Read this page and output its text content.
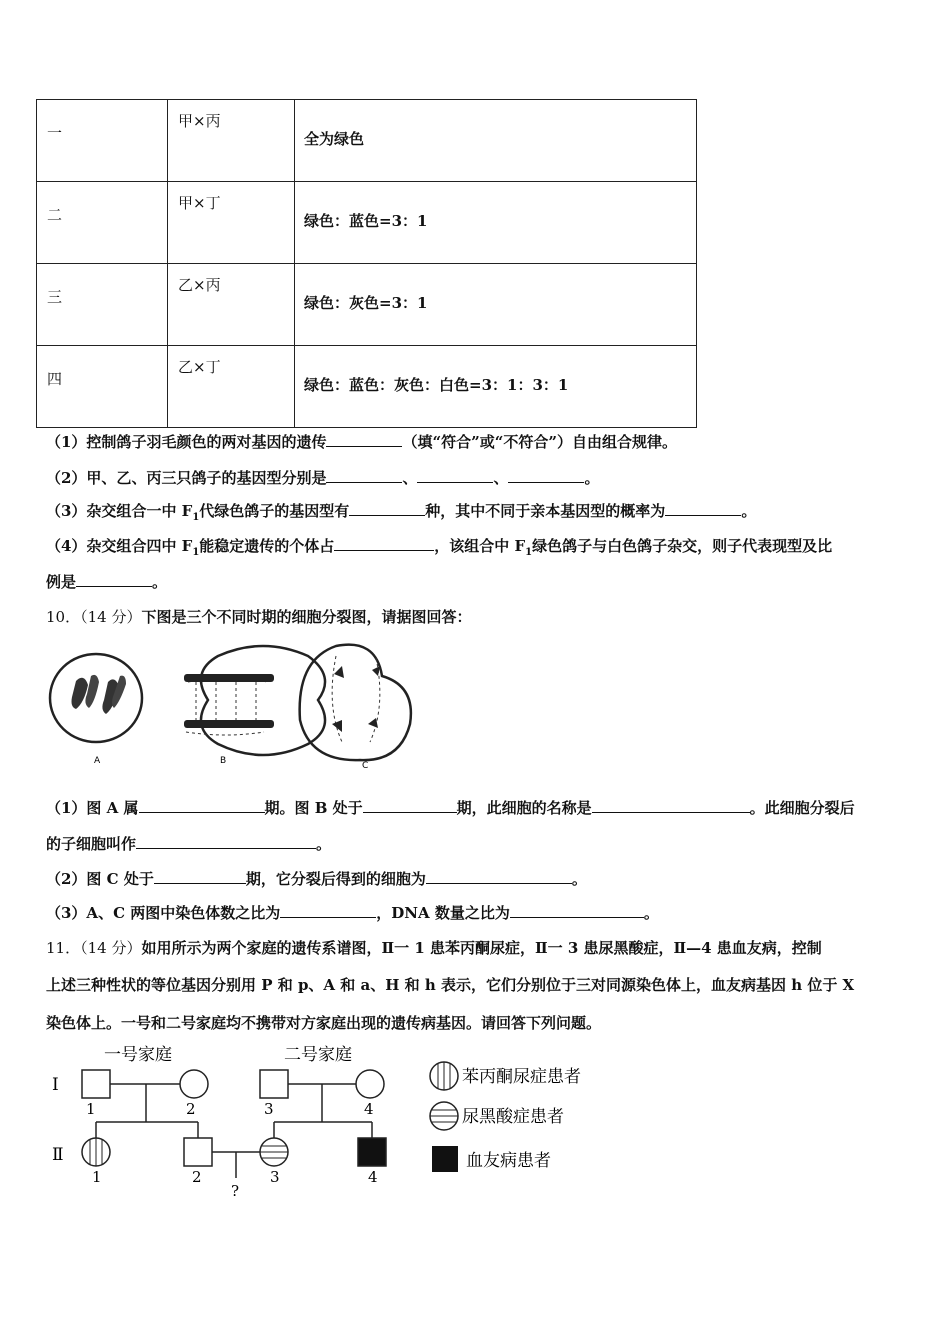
一	甲×丙	全为绿色

二	甲×丁	绿色：蓝色=3：1

三	乙×丙	绿色：灰色=3：1

四	乙×丁	绿色：蓝色：灰色：白色=3：1：3：1
（1）控制鸽子羽毛颜色的两对基因的遗传	（填“符合”或“不符合”）自由组合规律。
（2）甲、乙、丙三只鸽子的基因型分别是	、	、	。
（3）杂交组合一中 $F_1$代绿色鸽子的基因型有	种，其中不同于亲本基因型的概率为	。
（4）杂交组合四中 $F_1$能稳定遗传的个体占	，该组合中 $F_1$绿色鸽子与白色鸽子杂交，则子代表现型及比
例是	。
10．（14 分）下图是三个不同时期的细胞分裂图，请据图回答：
A	B	C
（1）图 A 属	期。图 B 处于	期，此细胞的名称是	。此细胞分裂后
的子细胞叫作	。
（2）图 C 处于	期，它分裂后得到的细胞为	。
（3）A、C 两图中染色体数之比为	，DNA 数量之比为	。
11．（14 分）如用所示为两个家庭的遗传系谱图，Ⅱ一 1 患苯丙酮尿症，Ⅱ一 3 患尿黑酸症，Ⅱ—4 患血友病，控制
上述三种性状的等位基因分别用 P 和 p、A 和 a、H 和 h 表示，它们分别位于三对同源染色体上，血友病基因 h 位于 X
染色体上。一号和二号家庭均不携带对方家庭出现的遗传病基因。请回答下列问题。
一号家庭	二号家庭
Ⅰ
Ⅱ
1	2	3	4
?
1	2	3	4
苯丙酮尿症患者
尿黑酸症患者
血友病患者
